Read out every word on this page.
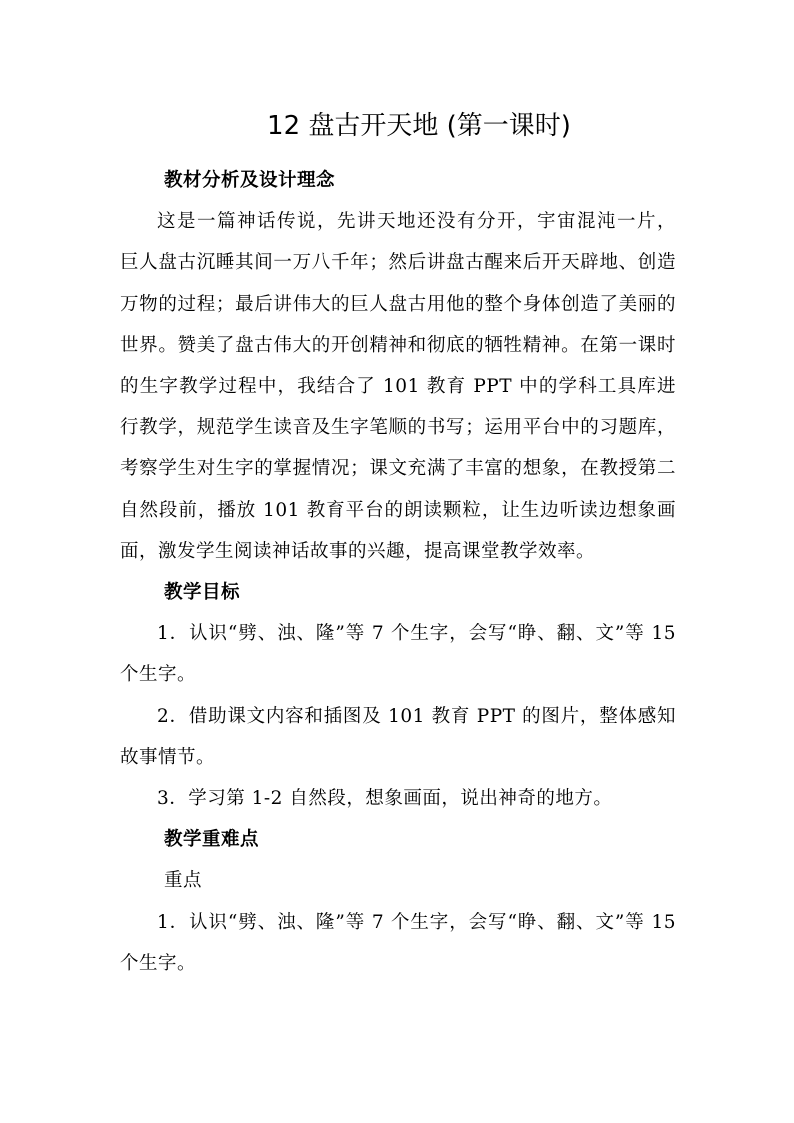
12 盘古开天地 (第一课时)
教材分析及设计理念

这是一篇神话传说，先讲天地还没有分开，宇宙混沌一片， 巨人盘古沉睡其间一万八千年；然后讲盘古醒来后开天辟地、创造万物的过程；最后讲伟大的巨人盘古用他的整个身体创造了美丽的世界。赞美了盘古伟大的开创精神和彻底的牺牲精神。在第一课时的生字教学过程中，我结合了 101 教育 PPT 中的学科工具库进行教学，规范学生读音及生字笔顺的书写；运用平台中的习题库，考察学生对生字的掌握情况；课文充满了丰富的想象，在教授第二自然段前，播放 101 教育平台的朗读颗粒，让生边听读边想象画面，激发学生阅读神话故事的兴趣，提高课堂教学效率。

教学目标

1．认识“劈、浊、隆”等 7 个生字，会写“睁、翻、文”等 15 个生字。

2．借助课文内容和插图及 101 教育 PPT 的图片，整体感知故事情节。

3．学习第 1-2 自然段，想象画面，说出神奇的地方。

教学重难点
重点

1．认识“劈、浊、隆”等 7 个生字，会写“睁、翻、文”等 15 个生字。
